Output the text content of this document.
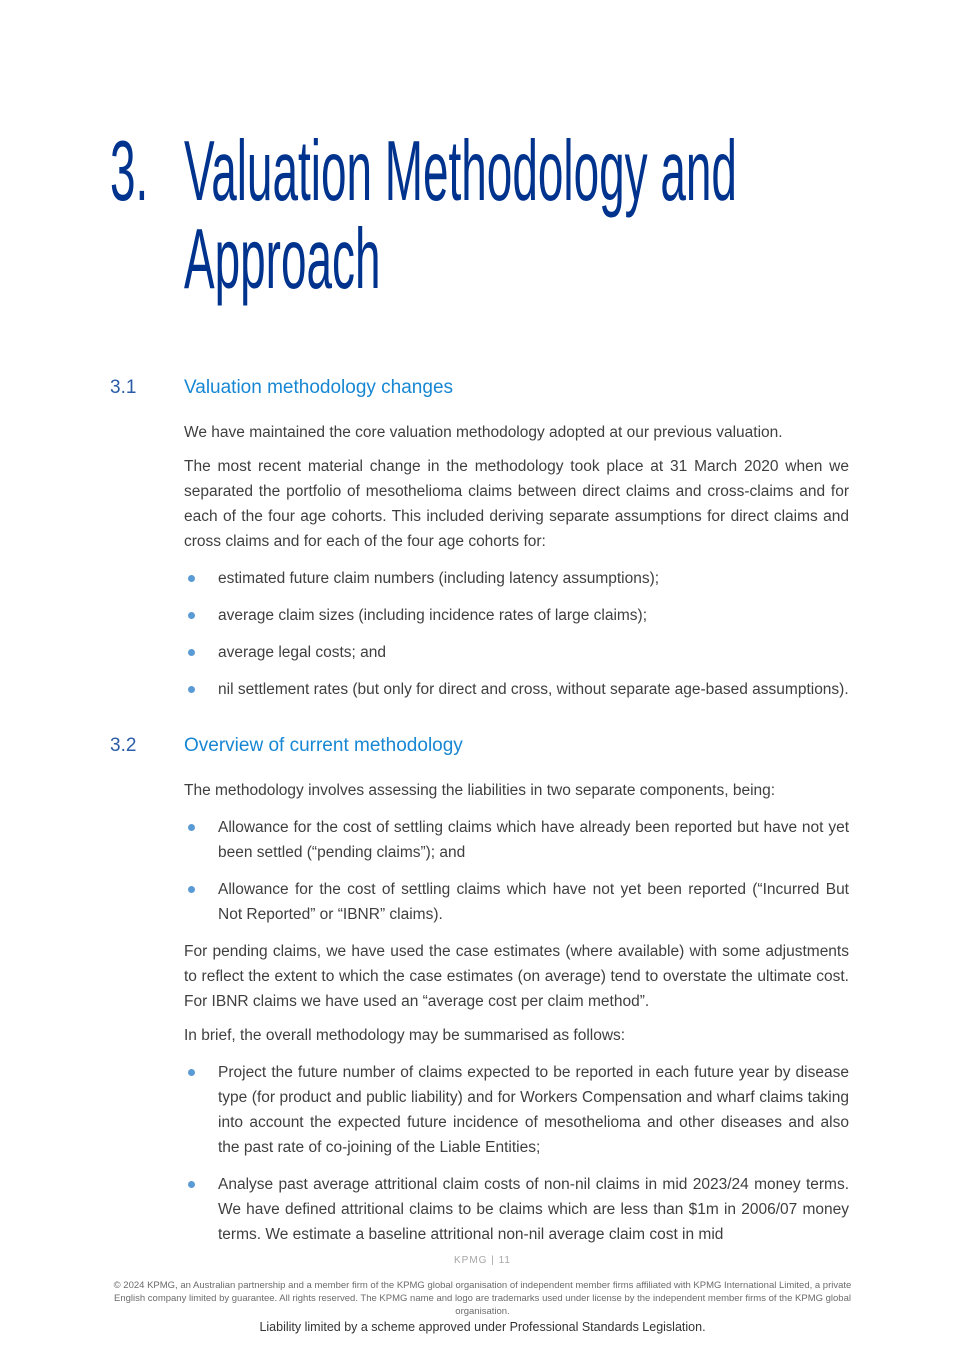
3. Valuation Methodology and
Approach
3.1	Valuation methodology changes

We have maintained the core valuation methodology adopted at our previous valuation.

The most recent material change in the methodology took place at 31 March 2020 when we separated the portfolio of mesothelioma claims between direct claims and cross-claims and for each of the four age cohorts. This included deriving separate assumptions for direct claims and cross claims and for each of the four age cohorts for:

estimated future claim numbers (including latency assumptions);
average claim sizes (including incidence rates of large claims);
average legal costs; and
nil settlement rates (but only for direct and cross, without separate age-based assumptions).
3.2	Overview of current methodology

The methodology involves assessing the liabilities in two separate components, being:

Allowance for the cost of settling claims which have already been reported but have not yet been settled (“pending claims”); and
Allowance for the cost of settling claims which have not yet been reported (“Incurred But Not Reported” or “IBNR” claims).

For pending claims, we have used the case estimates (where available) with some adjustments to reflect the extent to which the case estimates (on average) tend to overstate the ultimate cost. For IBNR claims we have used an “average cost per claim method”.

In brief, the overall methodology may be summarised as follows:

Project the future number of claims expected to be reported in each future year by disease type (for product and public liability) and for Workers Compensation and wharf claims taking into account the expected future incidence of mesothelioma and other diseases and also the past rate of co-joining of the Liable Entities;
Analyse past average attritional claim costs of non-nil claims in mid 2023/24 money terms. We have defined attritional claims to be claims which are less than $1m in 2006/07 money terms. We estimate a baseline attritional non-nil average claim cost in mid
KPMG | 11
© 2024 KPMG, an Australian partnership and a member firm of the KPMG global organisation of independent member firms affiliated with KPMG International Limited, a private English company limited by guarantee. All rights reserved. The KPMG name and logo are trademarks used under license by the independent member firms of the KPMG global organisation.
Liability limited by a scheme approved under Professional Standards Legislation.
